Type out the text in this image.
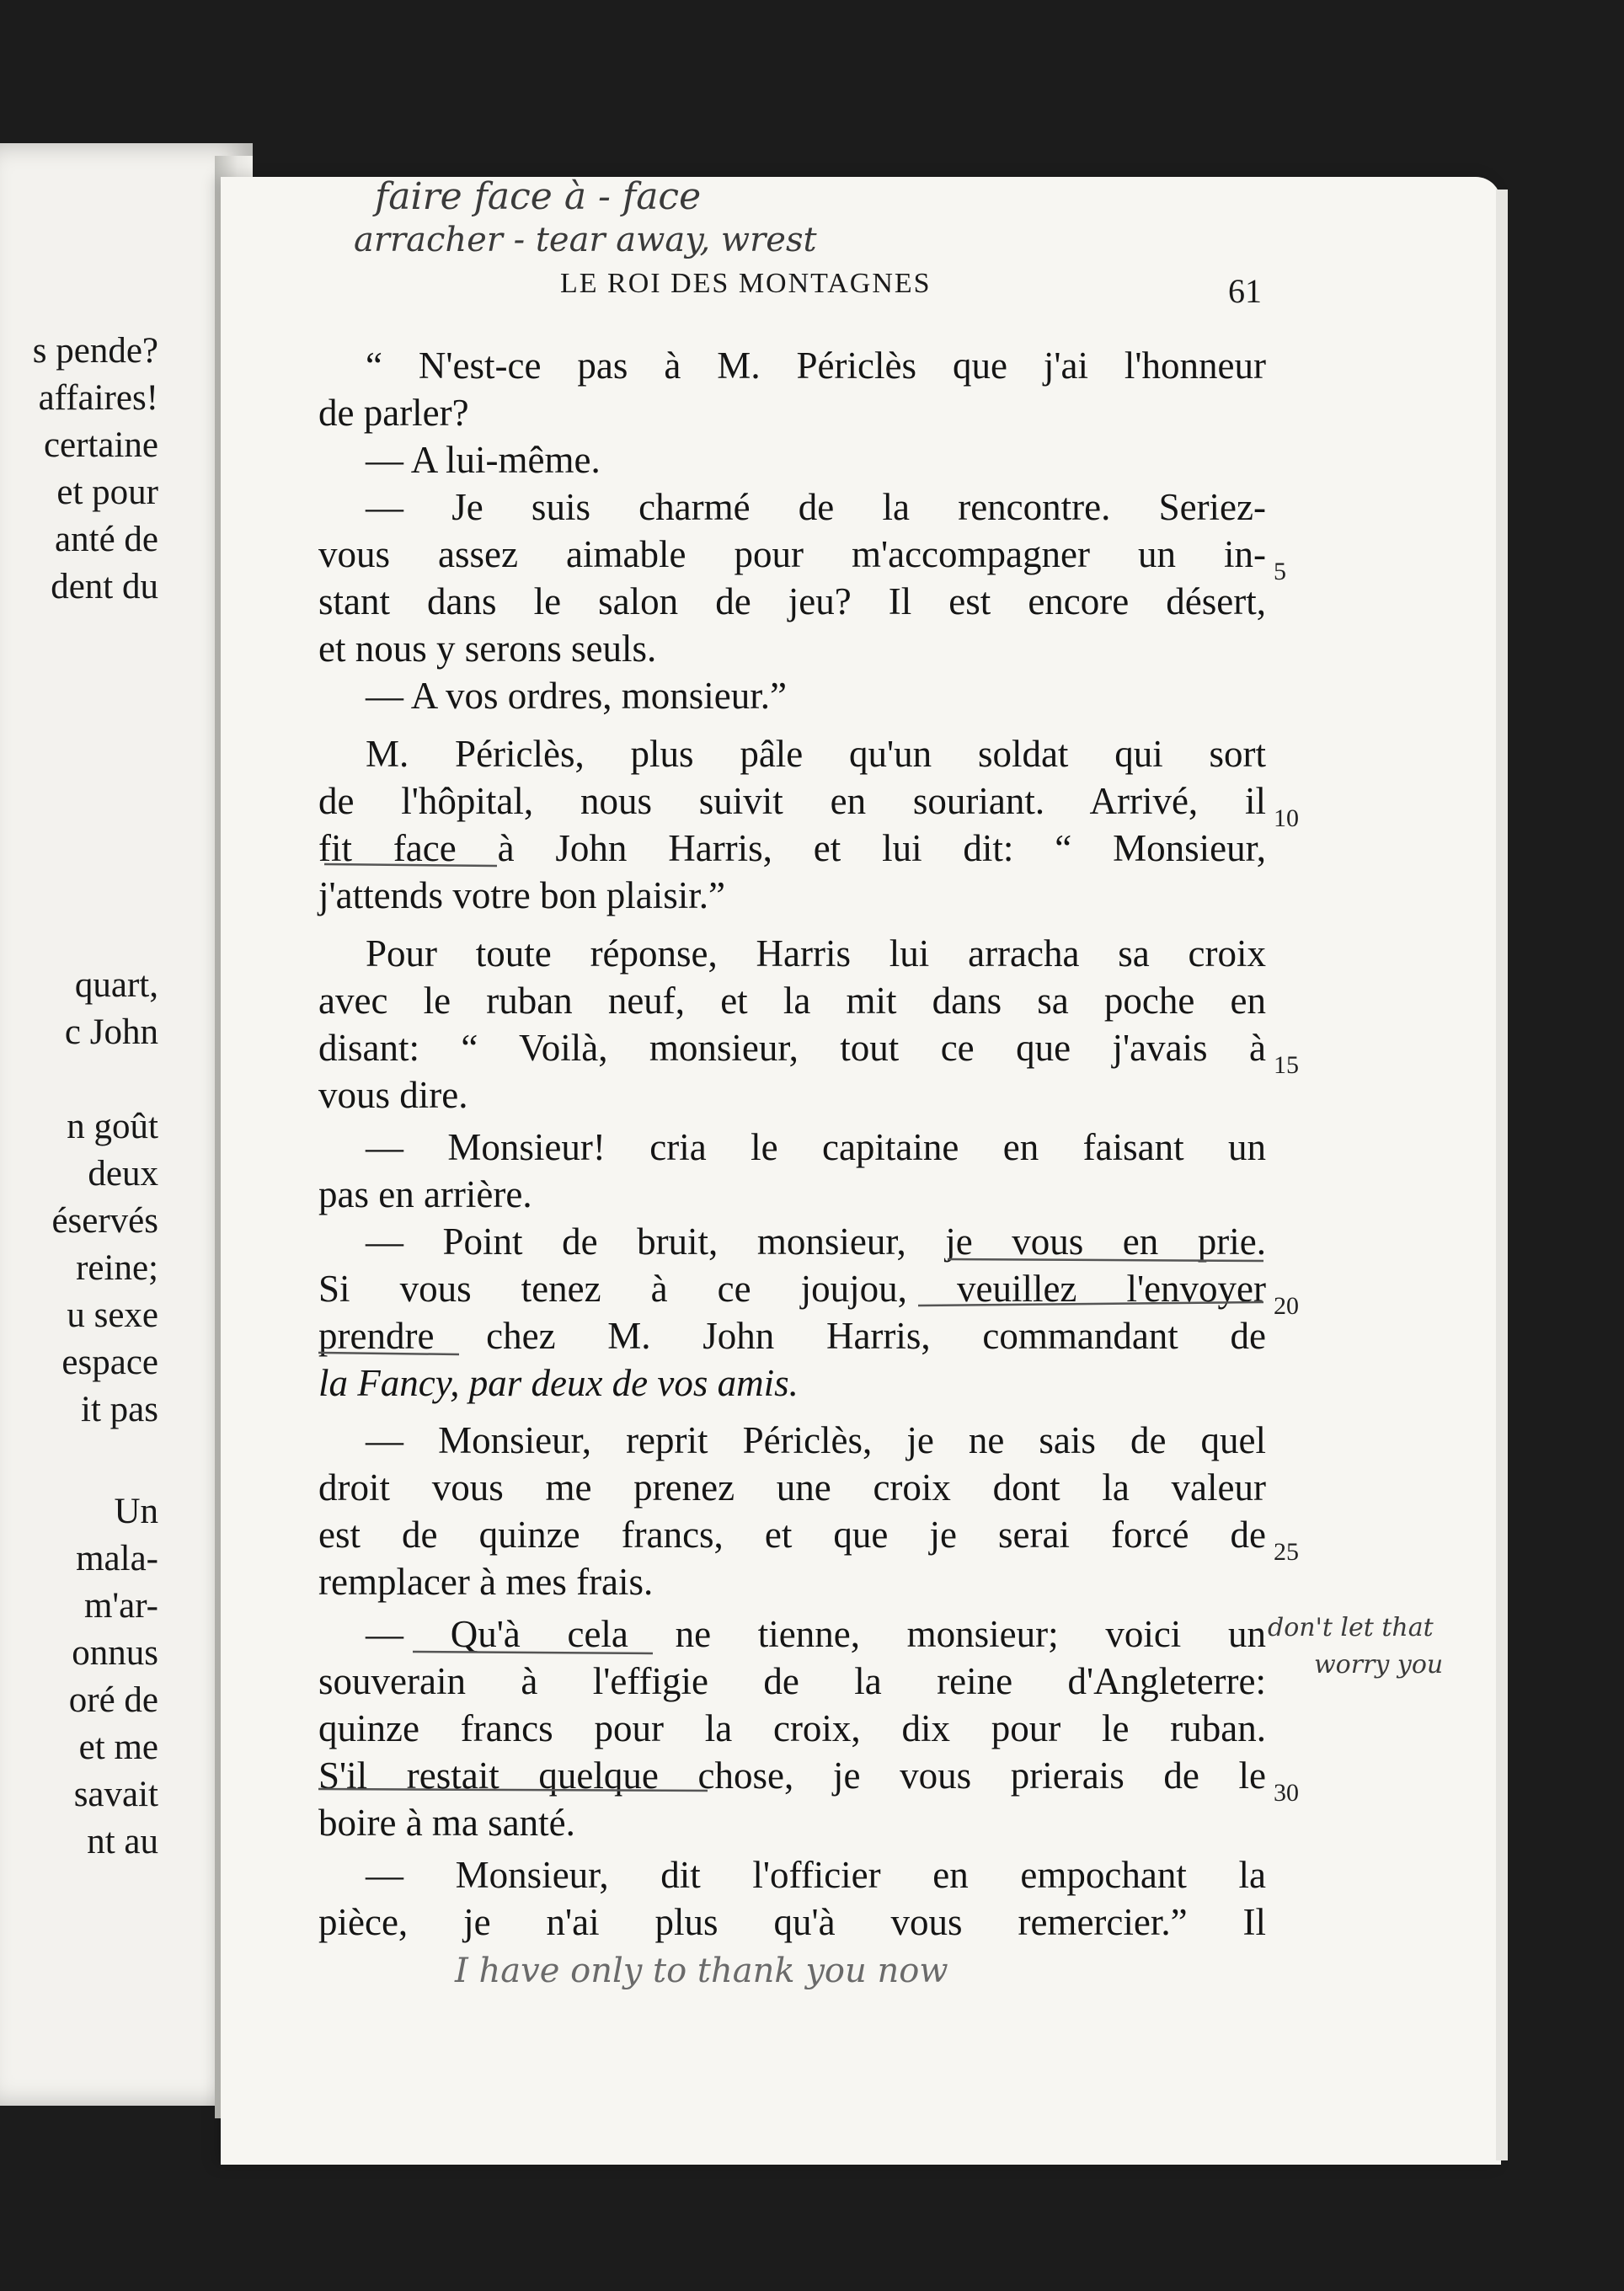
s pende?
affaires!
certaine
et pour
anté de
dent du
quart,
c John
n goût
deux
éservés
reine;
u sexe
espace
it pas
Un
mala-
m'ar-
onnus
oré de
et me
savait
nt au
faire face à - face
arracher - tear away, wrest
LE ROI DES MONTAGNES	61
“ N'est-ce pas à M. Périclès que j'ai l'honneur
de parler?
— A lui-même.
— Je suis charmé de la rencontre. Seriez-
vous assez aimable pour m'accompagner un in-
stant dans le salon de jeu? Il est encore désert,
et nous y serons seuls.
— A vos ordres, monsieur.”
M. Périclès, plus pâle qu'un soldat qui sort
de l'hôpital, nous suivit en souriant. Arrivé, il
fit face à John Harris, et lui dit: “ Monsieur,
j'attends votre bon plaisir.”
Pour toute réponse, Harris lui arracha sa croix
avec le ruban neuf, et la mit dans sa poche en
disant: “ Voilà, monsieur, tout ce que j'avais à
vous dire.
— Monsieur! cria le capitaine en faisant un
pas en arrière.
— Point de bruit, monsieur, je vous en prie.
Si vous tenez à ce joujou, veuillez l'envoyer
prendre chez M. John Harris, commandant de
la Fancy, par deux de vos amis.
— Monsieur, reprit Périclès, je ne sais de quel
droit vous me prenez une croix dont la valeur
est de quinze francs, et que je serai forcé de
remplacer à mes frais.
— Qu'à cela ne tienne, monsieur; voici un
souverain à l'effigie de la reine d'Angleterre:
quinze francs pour la croix, dix pour le ruban.
S'il restait quelque chose, je vous prierais de le
boire à ma santé.
— Monsieur, dit l'officier en empochant la
pièce, je n'ai plus qu'à vous remercier.” Il
5
10
15
20
25
30
don't let that
worry you
I have only to thank you now
